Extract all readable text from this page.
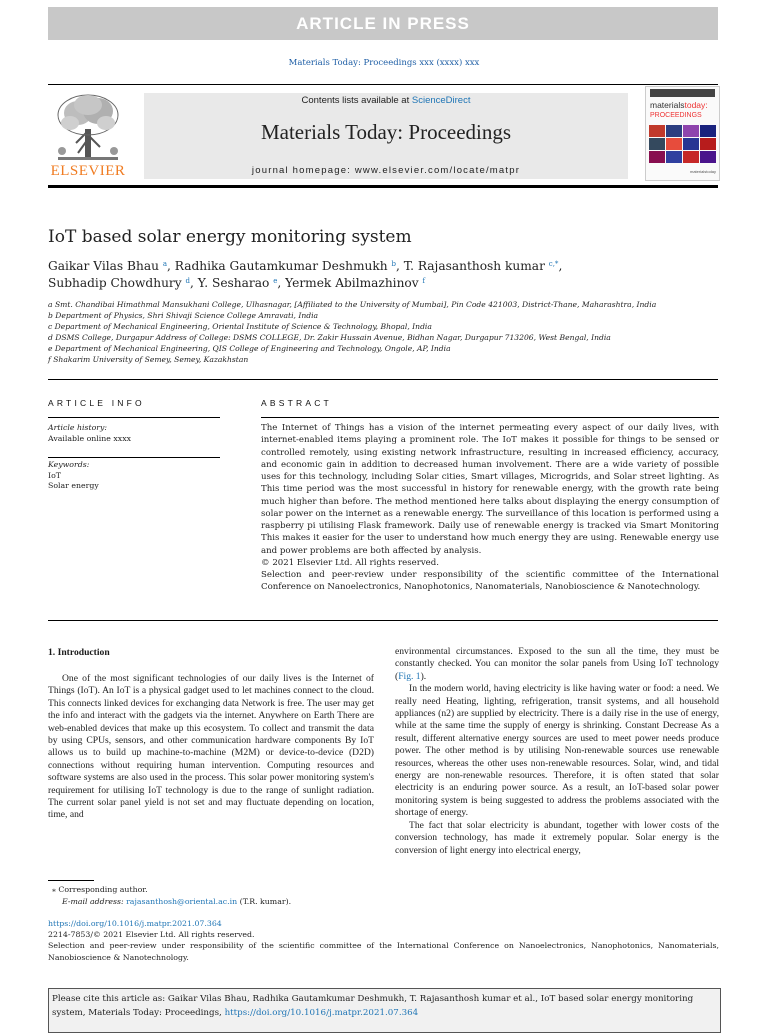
ARTICLE IN PRESS
Materials Today: Proceedings xxx (xxxx) xxx
ELSEVIER
Contents lists available at ScienceDirect
Materials Today: Proceedings
journal homepage: www.elsevier.com/locate/matpr
materialstoday:
PROCEEDINGS
materialstoday
IoT based solar energy monitoring system
Gaikar Vilas Bhau $^a$, Radhika Gautamkumar Deshmukh $^b$, T. Rajasanthosh kumar $^{c,*}$,
Subhadip Chowdhury $^d$, Y. Sesharao $^e$, Yermek Abilmazhinov $^f$
a Smt. Chandibai Himathmal Mansukhani College, Ulhasnagar, [Affiliated to the University of Mumbai], Pin Code 421003, District-Thane, Maharashtra, India
b Department of Physics, Shri Shivaji Science College Amravati, India
c Department of Mechanical Engineering, Oriental Institute of Science & Technology, Bhopal, India
d DSMS College, Durgapur Address of College: DSMS COLLEGE, Dr. Zakir Hussain Avenue, Bidhan Nagar, Durgapur 713206, West Bengal, India
e Department of Mechanical Engineering, QIS College of Engineering and Technology, Ongole, AP, India
f Shakarim University of Semey, Semey, Kazakhstan
ARTICLE INFO
Article history:
Available online xxxx
Keywords:
IoT
Solar energy
ABSTRACT

The Internet of Things has a vision of the internet permeating every aspect of our daily lives, with internet-enabled items playing a prominent role. The IoT makes it possible for things to be sensed or controlled remotely, using existing network infrastructure, resulting in increased efficiency, accuracy, and economic gain in addition to decreased human involvement. There are a wide variety of possible uses for this technology, including Solar cities, Smart villages, Microgrids, and Solar street lighting. As This time period was the most successful in history for renewable energy, with the growth rate being much higher than before. The method mentioned here talks about displaying the energy consumption of solar power on the internet as a renewable energy. The surveillance of this location is performed using a raspberry pi utilising Flask framework. Daily use of renewable energy is tracked via Smart Monitoring This makes it easier for the user to understand how much energy they are using. Renewable energy use and power problems are both affected by analysis.

© 2021 Elsevier Ltd. All rights reserved.

Selection and peer-review under responsibility of the scientific committee of the International Conference on Nanoelectronics, Nanophotonics, Nanomaterials, Nanobioscience & Nanotechnology.

1. Introduction

One of the most significant technologies of our daily lives is the Internet of Things (IoT). An IoT is a physical gadget used to let machines connect to the cloud. This connects linked devices for exchanging data Network is free. The user may get the info and interact with the gadgets via the internet. Anywhere on Earth There are web-enabled devices that make up this ecosystem. To collect and transmit the data by using CPUs, sensors, and other communication hardware components By IoT allows us to build up machine-to-machine (M2M) or device-to-device (D2D) connections without requiring human intervention. Computing resources and software systems are also used in the process. This solar power monitoring system's requirement for utilising IoT technology is due to the range of sunlight radiation. The current solar panel yield is not set and may fluctuate depending on location, time, and

environmental circumstances. Exposed to the sun all the time, they must be constantly checked. You can monitor the solar panels from Using IoT technology (Fig. 1).

In the modern world, having electricity is like having water or food: a need. We really need Heating, lighting, refrigeration, transit systems, and all household appliances (n2) are supplied by electricity. There is a daily rise in the use of energy, while at the same time the supply of energy is shrinking. Constant Decrease As a result, different alternative energy sources are used to meet power needs produce power. The other method is by utilising Non-renewable sources use renewable resources, whereas the other uses non-renewable resources. Solar, wind, and tidal energy are non-renewable resources. Therefore, it is often stated that solar electricity is an enduring power source. As a result, an IoT-based solar power monitoring system is being suggested to address the problems associated with the shortage of energy.

The fact that solar electricity is abundant, together with lower costs of the conversion technology, has made it extremely popular. Solar energy is the conversion of light energy into electrical energy,

⁎ Corresponding author.
E-mail address: rajasanthosh@oriental.ac.in (T.R. kumar).
https://doi.org/10.1016/j.matpr.2021.07.364
2214-7853/© 2021 Elsevier Ltd. All rights reserved.
Selection and peer-review under responsibility of the scientific committee of the International Conference on Nanoelectronics, Nanophotonics, Nanomaterials, Nanobioscience & Nanotechnology.
Please cite this article as: Gaikar Vilas Bhau, Radhika Gautamkumar Deshmukh, T. Rajasanthosh kumar et al., IoT based solar energy monitoring system, Materials Today: Proceedings, https://doi.org/10.1016/j.matpr.2021.07.364
